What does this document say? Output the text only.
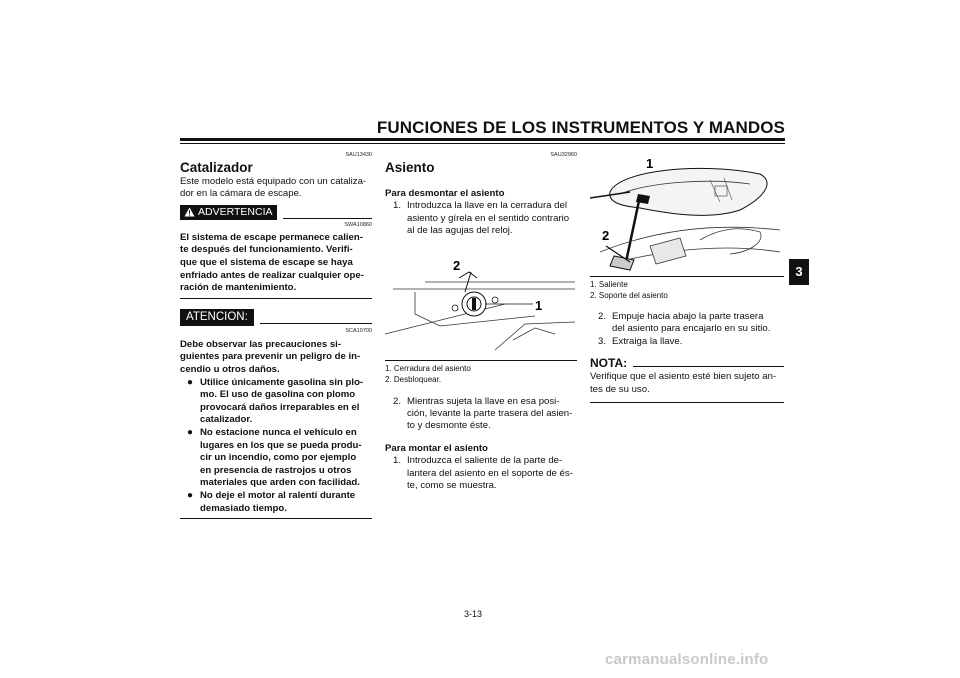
FUNCIONES DE LOS INSTRUMENTOS Y MANDOS
3
SAU13430
Catalizador
Este modelo está equipado con un cataliza-
dor en la cámara de escape.
ADVERTENCIA
SWA10860
El sistema de escape permanece calien-
te después del funcionamiento. Verifi-
que que el sistema de escape se haya
enfriado antes de realizar cualquier ope-
ración de mantenimiento.
ATENCION:
SCA10700
Debe observar las precauciones si-
guientes para prevenir un peligro de in-
cendio u otros daños.
● Utilice únicamente gasolina sin plo-
mo. El uso de gasolina con plomo
provocará daños irreparables en el
catalizador.
● No estacione nunca el vehículo en
lugares en los que se pueda produ-
cir un incendio, como por ejemplo
en presencia de rastrojos u otros
materiales que arden con facilidad.
● No deje el motor al ralentí durante
demasiado tiempo.
SAU32960
Asiento
Para desmontar el asiento
1. Introduzca la llave en la cerradura del
asiento y gírela en el sentido contrario
al de las agujas del reloj.
2
1
1. Cerradura del asiento
2. Desbloquear.
2. Mientras sujeta la llave en esa posi-
ción, levante la parte trasera del asien-
to y desmonte éste.
Para montar el asiento
1. Introduzca el saliente de la parte de-
lantera del asiento en el soporte de és-
te, como se muestra.
1
2
1. Saliente
2. Soporte del asiento
2. Empuje hacia abajo la parte trasera
del asiento para encajarlo en su sitio.
3. Extraiga la llave.
NOTA:
Verifique que el asiento esté bien sujeto an-
tes de su uso.
3-13
carmanualsonline.info
